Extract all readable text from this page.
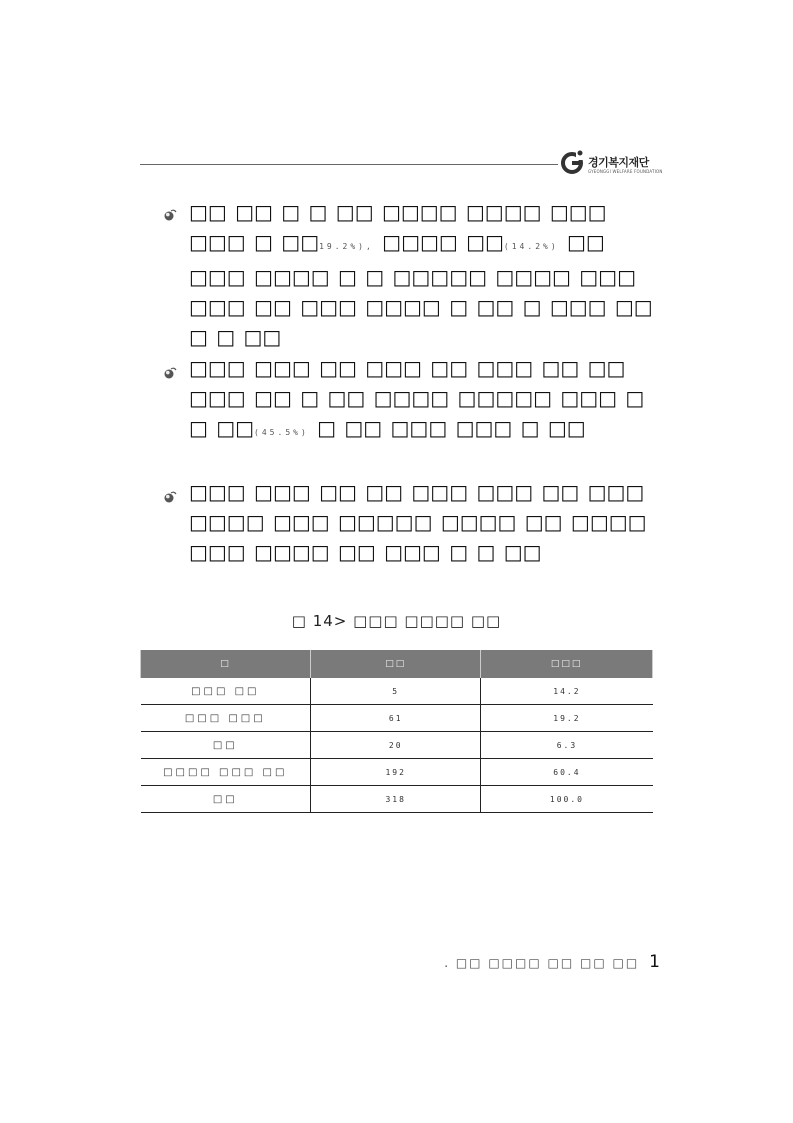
경기복지재단
GYEONGGI WELFARE FOUNDATION
□□ □□ □ □ □□ □□□□ □□□□ □□□ □□□ □ □□19.2%), □□□□ □□(14.2%) □□ □□□ □□□□ □ □ □□□□□ □□□□ □□□ □□□ □□ □□□ □□□□ □ □□ □ □□□ □□ □ □ □□
□□□ □□□ □□ □□□ □□ □□□ □□ □□ □□□ □□ □ □□ □□□□ □□□□□ □□□ □ □ □□(45.5%) □ □□ □□□ □□□ □ □□
□□□ □□□ □□ □□ □□□ □□□ □□ □□□ □□□□ □□□ □□□□□ □□□□ □□ □□□□ □□□ □□□□ □□ □□□ □ □ □□
□ 14> □□□ □□□□ □□
□	□□	□□□
□□□ □□	5	14.2
□□□ □□□	61	19.2
□□	20	6.3
□□□□ □□□ □□	192	60.4
□□	318	100.0
. □□ □□□□ □□ □□ □□ 1
